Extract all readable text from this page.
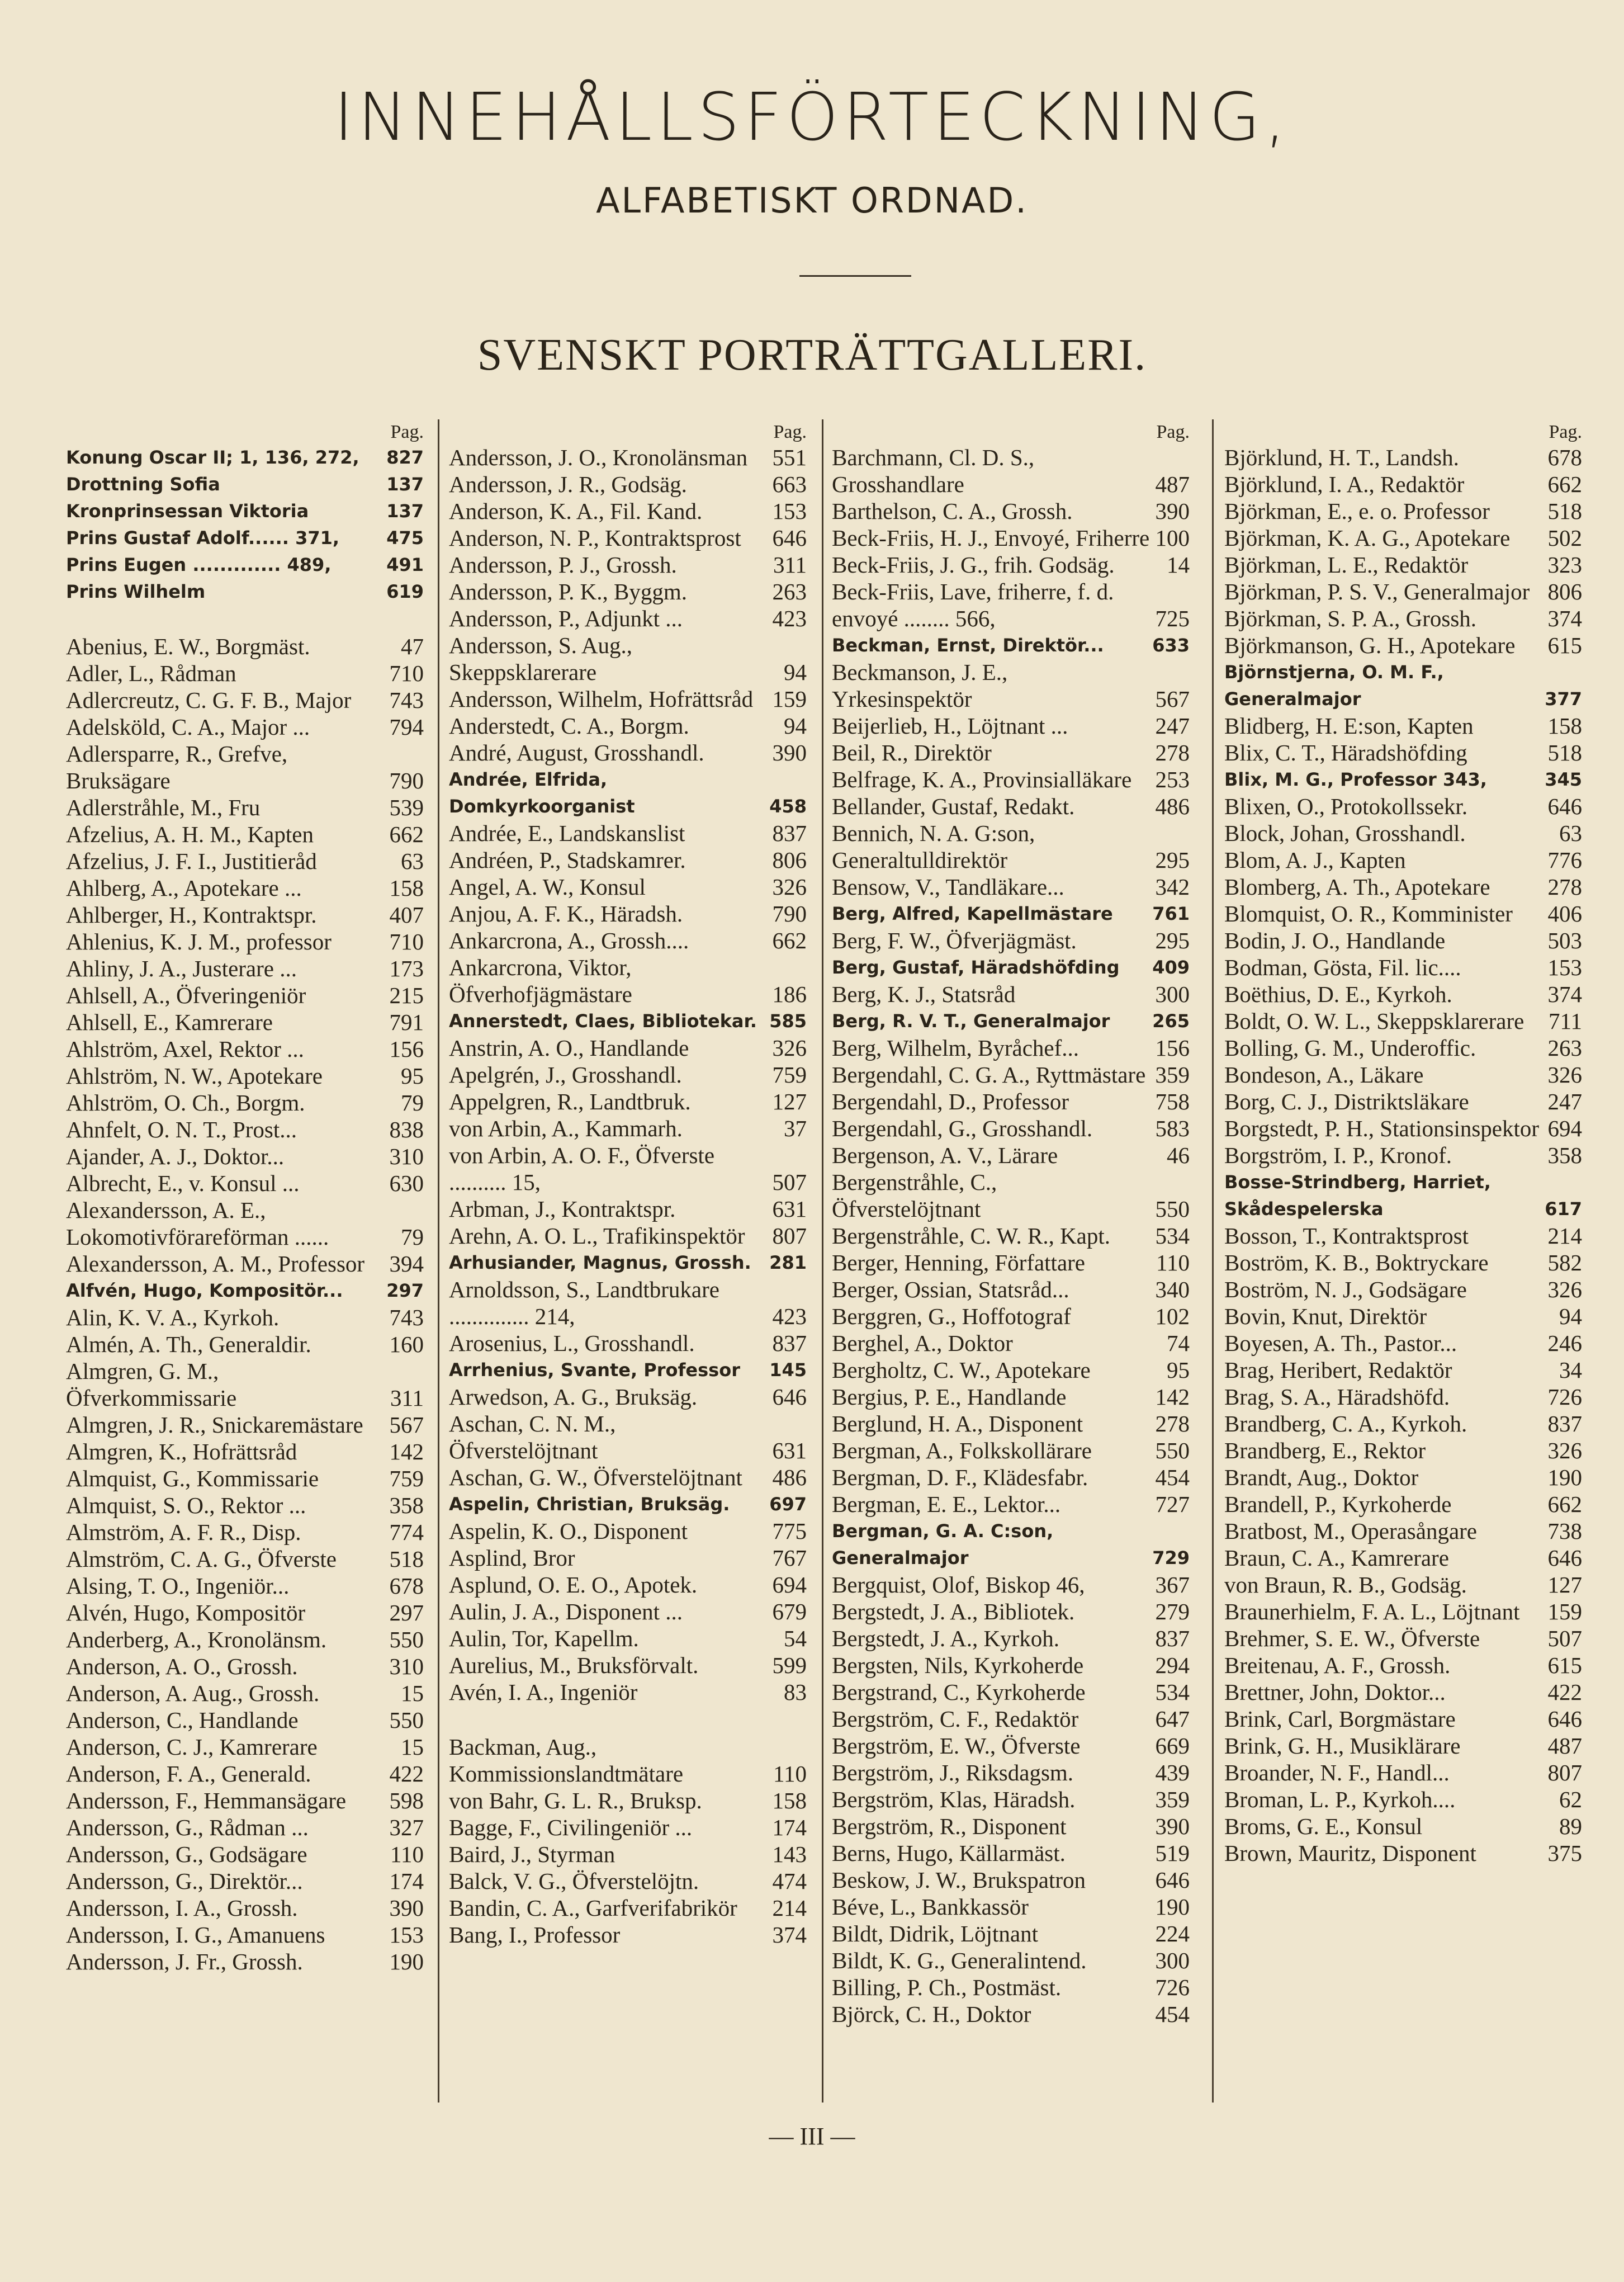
INNEHÅLLSFÖRTECKNING,
ALFABETISKT ORDNAD.
SVENSKT PORTRÄTTGALLERI.
Pag.
Konung Oscar II; 1, 136, 272, 827
Drottning Sofia	137
Kronprinsessan Viktoria	137
Prins Gustaf Adolf...... 371,	475
Prins Eugen ............. 489,	491
Prins Wilhelm	619
Abenius, E. W., Borgmäst.	47
Adler, L., Rådman	710
Adlercreutz, C. G. F. B., Major 743
Adelsköld, C. A., Major ...	794
Adlersparre, R., Grefve, Bruksägare	790
Adlerstråhle, M., Fru	539
Afzelius, A. H. M., Kapten	662
Afzelius, J. F. I., Justitieråd	63
Ahlberg, A., Apotekare ...	158
Ahlberger, H., Kontraktspr.	407
Ahlenius, K. J. M., professor	710
Ahliny, J. A., Justerare ...	173
Ahlsell, A., Öfveringeniör	215
Ahlsell, E., Kamrerare	791
Ahlström, Axel, Rektor ...	156
Ahlström, N. W., Apotekare	95
Ahlström, O. Ch., Borgm.	79
Ahnfelt, O. N. T., Prost...	838
Ajander, A. J., Doktor...	310
Albrecht, E., v. Konsul ...	630
Alexandersson, A. E., Lokomotivförareförman ......	79
Alexandersson, A. M., Professor 394
Alfvén, Hugo, Kompositör... 297
Alin, K. V. A., Kyrkoh.	743
Almén, A. Th., Generaldir.	160
Almgren, G. M., Öfverkommissarie	311
Almgren, J. R., Snickaremästare 567
Almgren, K., Hofrättsråd	142
Almquist, G., Kommissarie	759
Almquist, S. O., Rektor ...	358
Almström, A. F. R., Disp.	774
Almström, C. A. G., Öfverste 518
Alsing, T. O., Ingeniör...	678
Alvén, Hugo, Kompositör	297
Anderberg, A., Kronolänsm.	550
Anderson, A. O., Grossh.	310
Anderson, A. Aug., Grossh.	15
Anderson, C., Handlande	550
Anderson, C. J., Kamrerare	15
Anderson, F. A., Generald.	422
Andersson, F., Hemmansägare 598
Andersson, G., Rådman ...	327
Andersson, G., Godsägare	110
Andersson, G., Direktör...	174
Andersson, I. A., Grossh.	390
Andersson, I. G., Amanuens	153
Andersson, J. Fr., Grossh.	190
Pag.
Andersson, J. O., Kronolänsman 551
Andersson, J. R., Godsäg.	663
Anderson, K. A., Fil. Kand.	153
Anderson, N. P., Kontraktsprost 646
Andersson, P. J., Grossh.	311
Andersson, P. K., Byggm.	263
Andersson, P., Adjunkt ...	423
Andersson, S. Aug., Skeppsklarerare	94
Andersson, Wilhelm, Hofrättsråd 159
Anderstedt, C. A., Borgm.	94
André, August, Grosshandl.	390
Andrée, Elfrida, Domkyrkoorganist	458
Andrée, E., Landskanslist	837
Andréen, P., Stadskamrer.	806
Angel, A. W., Konsul	326
Anjou, A. F. K., Häradsh.	790
Ankarcrona, A., Grossh....	662
Ankarcrona, Viktor, Öfverhofjägmästare	186
Annerstedt, Claes, Bibliotekar. 585
Anstrin, A. O., Handlande	326
Apelgrén, J., Grosshandl.	759
Appelgren, R., Landtbruk.	127
von Arbin, A., Kammarh.	37
von Arbin, A. O. F., Öfverste .......... 15,	507
Arbman, J., Kontraktspr.	631
Arehn, A. O. L., Trafikinspektör 807
Arhusiander, Magnus, Grossh. 281
Arnoldsson, S., Landtbrukare .............. 214,	423
Arosenius, L., Grosshandl.	837
Arrhenius, Svante, Professor 145
Arwedson, A. G., Bruksäg.	646
Aschan, C. N. M., Öfverstelöjtnant	631
Aschan, G. W., Öfverstelöjtnant 486
Aspelin, Christian, Bruksäg. 697
Aspelin, K. O., Disponent	775
Asplind, Bror	767
Asplund, O. E. O., Apotek.	694
Aulin, J. A., Disponent ...	679
Aulin, Tor, Kapellm.	54
Aurelius, M., Bruksförvalt.	599
Avén, I. A., Ingeniör	83
Backman, Aug., Kommissionslandtmätare	110
von Bahr, G. L. R., Bruksp.	158
Bagge, F., Civilingeniör ...	174
Baird, J., Styrman	143
Balck, V. G., Öfverstelöjtn.	474
Bandin, C. A., Garfverifabrikör 214
Bang, I., Professor	374
Pag.
Barchmann, Cl. D. S., Grosshandlare	487
Barthelson, C. A., Grossh.	390
Beck-Friis, H. J., Envoyé, Friherre 100
Beck-Friis, J. G., frih. Godsäg. 14
Beck-Friis, Lave, friherre, f. d. envoyé ........ 566,	725
Beckman, Ernst, Direktör...	633
Beckmanson, J. E., Yrkesinspektör	567
Beijerlieb, H., Löjtnant ...	247
Beil, R., Direktör	278
Belfrage, K. A., Provinsialläkare 253
Bellander, Gustaf, Redakt.	486
Bennich, N. A. G:son, Generaltulldirektör	295
Bensow, V., Tandläkare...	342
Berg, Alfred, Kapellmästare 761
Berg, F. W., Öfverjägmäst.	295
Berg, Gustaf, Häradshöfding 409
Berg, K. J., Statsråd	300
Berg, R. V. T., Generalmajor 265
Berg, Wilhelm, Byråchef...	156
Bergendahl, C. G. A., Ryttmästare 359
Bergendahl, D., Professor	758
Bergendahl, G., Grosshandl.	583
Bergenson, A. V., Lärare	46
Bergenstråhle, C., Öfverstelöjtnant	550
Bergenstråhle, C. W. R., Kapt. 534
Berger, Henning, Författare	110
Berger, Ossian, Statsråd...	340
Berggren, G., Hoffotograf	102
Berghel, A., Doktor	74
Bergholtz, C. W., Apotekare	95
Bergius, P. E., Handlande	142
Berglund, H. A., Disponent	278
Bergman, A., Folkskollärare	550
Bergman, D. F., Klädesfabr.	454
Bergman, E. E., Lektor...	727
Bergman, G. A. C:son, Generalmajor	729
Bergquist, Olof, Biskop 46,	367
Bergstedt, J. A., Bibliotek.	279
Bergstedt, J. A., Kyrkoh.	837
Bergsten, Nils, Kyrkoherde	294
Bergstrand, C., Kyrkoherde	534
Bergström, C. F., Redaktör	647
Bergström, E. W., Öfverste	669
Bergström, J., Riksdagsm.	439
Bergström, Klas, Häradsh.	359
Bergström, R., Disponent	390
Berns, Hugo, Källarmäst.	519
Beskow, J. W., Brukspatron	646
Béve, L., Bankkassör	190
Bildt, Didrik, Löjtnant	224
Bildt, K. G., Generalintend.	300
Billing, P. Ch., Postmäst.	726
Björck, C. H., Doktor	454
Pag.
Björklund, H. T., Landsh.	678
Björklund, I. A., Redaktör	662
Björkman, E., e. o. Professor	518
Björkman, K. A. G., Apotekare 502
Björkman, L. E., Redaktör	323
Björkman, P. S. V., Generalmajor 806
Björkman, S. P. A., Grossh.	374
Björkmanson, G. H., Apotekare 615
Björnstjerna, O. M. F., Generalmajor	377
Blidberg, H. E:son, Kapten	158
Blix, C. T., Häradshöfding	518
Blix, M. G., Professor 343,	345
Blixen, O., Protokollssekr.	646
Block, Johan, Grosshandl.	63
Blom, A. J., Kapten	776
Blomberg, A. Th., Apotekare	278
Blomquist, O. R., Komminister 406
Bodin, J. O., Handlande	503
Bodman, Gösta, Fil. lic....	153
Boëthius, D. E., Kyrkoh.	374
Boldt, O. W. L., Skeppsklarerare 711
Bolling, G. M., Underoffic.	263
Bondeson, A., Läkare	326
Borg, C. J., Distriktsläkare	247
Borgstedt, P. H., Stationsinspektor 694
Borgström, I. P., Kronof.	358
Bosse-Strindberg, Harriet, Skådespelerska	617
Bosson, T., Kontraktsprost	214
Boström, K. B., Boktryckare	582
Boström, N. J., Godsägare	326
Bovin, Knut, Direktör	94
Boyesen, A. Th., Pastor...	246
Brag, Heribert, Redaktör	34
Brag, S. A., Häradshöfd.	726
Brandberg, C. A., Kyrkoh.	837
Brandberg, E., Rektor	326
Brandt, Aug., Doktor	190
Brandell, P., Kyrkoherde	662
Bratbost, M., Operasångare	738
Braun, C. A., Kamrerare	646
von Braun, R. B., Godsäg.	127
Braunerhielm, F. A. L., Löjtnant 159
Brehmer, S. E. W., Öfverste	507
Breitenau, A. F., Grossh.	615
Brettner, John, Doktor...	422
Brink, Carl, Borgmästare	646
Brink, G. H., Musiklärare	487
Broander, N. F., Handl...	807
Broman, L. P., Kyrkoh....	62
Broms, G. E., Konsul	89
Brown, Mauritz, Disponent	375
— III —
